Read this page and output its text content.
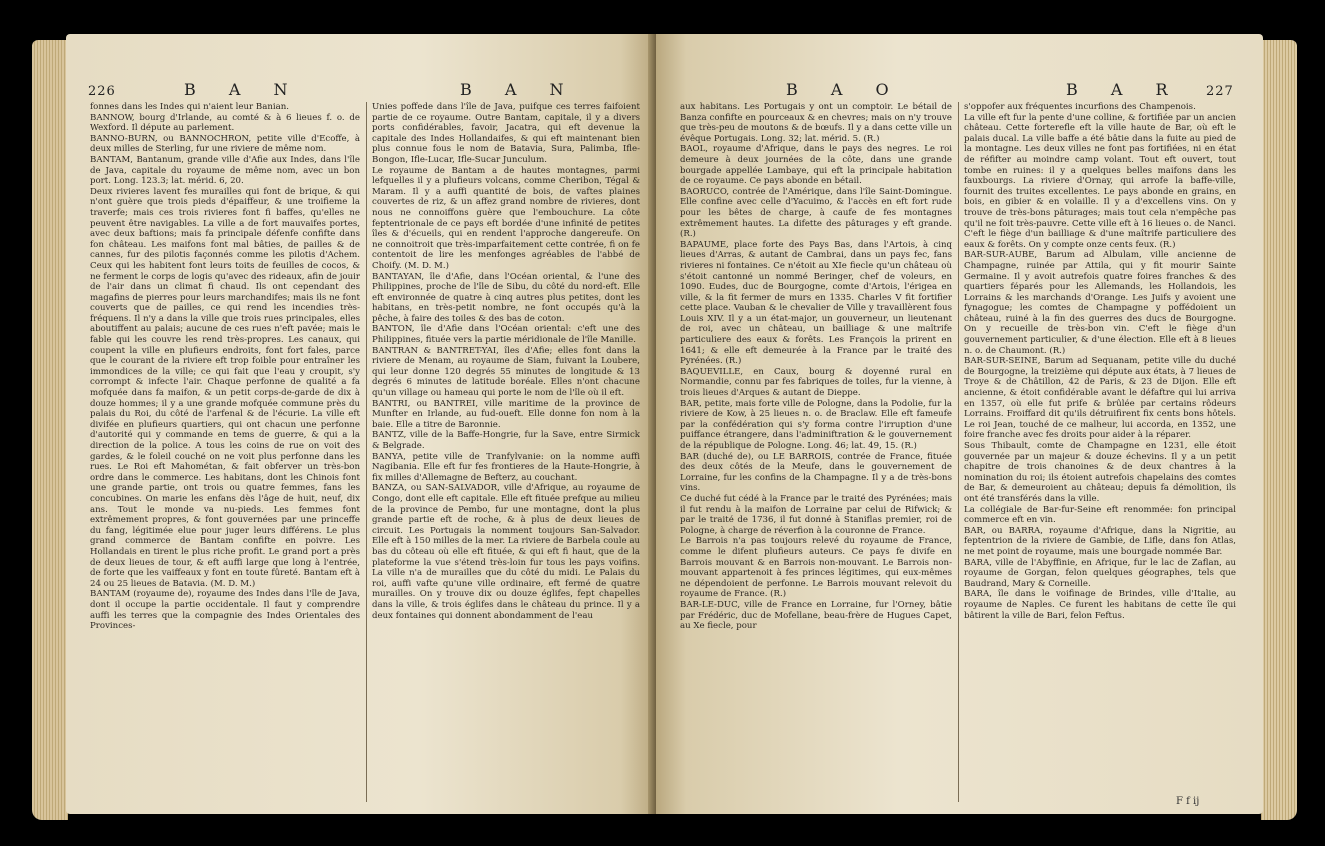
226	B A N	B A N
fonnes dans les Indes qui n'aient leur Banian.
BANNOW, bourg d'Irlande, au comté & à 6 lieues f. o. de Wexford. Il députe au parlement.
BANNO-BURN, ou BANNOCHRON, petite ville d'Ecoffe, à deux milles de Sterling, fur une riviere de même nom.
BANTAM, Bantanum, grande ville d'Afie aux Indes, dans l'île de Java, capitale du royaume de même nom, avec un bon port. Long. 123.3; lat. mérid. 6, 20.
Deux rivieres lavent fes murailles qui font de brique, & qui n'ont guère que trois pieds d'épaiffeur, & une troifieme la traverfe; mais ces trois rivieres font fi baffes, qu'elles ne peuvent être navigables. La ville a de fort mauvaifes portes, avec deux baftions; mais fa principale défenfe confifte dans fon château. Les maifons font mal bâties, de pailles & de cannes, fur des pilotis façonnés comme les pilotis d'Achem. Ceux qui les habitent font leurs toits de feuilles de cocos, & ne ferment le corps de logis qu'avec des rideaux, afin de jouir de l'air dans un climat fi chaud. Ils ont cependant des magafins de pierres pour leurs marchandifes; mais ils ne font couverts que de pailles, ce qui rend les incendies très-fréquens. Il n'y a dans la ville que trois rues principales, elles aboutiffent au palais; aucune de ces rues n'eft pavée; mais le fable qui les couvre les rend très-propres. Les canaux, qui coupent la ville en plufieurs endroits, font fort fales, parce que le courant de la riviere eft trop foible pour entraîner les immondices de la ville; ce qui fait que l'eau y croupit, s'y corrompt & infecte l'air. Chaque perfonne de qualité a fa mofquée dans fa maifon, & un petit corps-de-garde de dix à douze hommes; il y a une grande mofquée commune près du palais du Roi, du côté de l'arfenal & de l'écurie. La ville eft divifée en plufieurs quartiers, qui ont chacun une perfonne d'autorité qui y commande en tems de guerre, & qui a la direction de la police. A tous les coins de rue on voit des gardes, & le foleil couché on ne voit plus perfonne dans les rues. Le Roi eft Mahométan, & fait obferver un très-bon ordre dans le commerce. Les habitans, dont les Chinois font une grande partie, ont trois ou quatre femmes, fans les concubines. On marie les enfans dès l'âge de huit, neuf, dix ans. Tout le monde va nu-pieds. Les femmes font extrêmement propres, & font gouvernées par une princeffe du fang, légitimée elue pour juger leurs différens. Le plus grand commerce de Bantam confifte en poivre. Les Hollandais en tirent le plus riche profit. Le grand port a près de deux lieues de tour, & eft auffi large que long à l'entrée, de forte que les vaiffeaux y font en toute fûreté. Bantam eft à 24 ou 25 lieues de Batavia. (M. D. M.)
BANTAM (royaume de), royaume des Indes dans l'île de Java, dont il occupe la partie occidentale. Il faut y comprendre auffi les terres que la compagnie des Indes Orientales des Provinces-
Unies poffede dans l'île de Java, puifque ces terres faifoient partie de ce royaume. Outre Bantam, capitale, il y a divers ports confidérables, favoir, Jacatra, qui eft devenue la capitale des Indes Hollandaifes, & qui eft maintenant bien plus connue fous le nom de Batavia, Sura, Palimba, Ifle-Bongon, Ifle-Lucar, Ifle-Sucar Junculum.
Le royaume de Bantam a de hautes montagnes, parmi lefquelles il y a plufieurs volcans, comme Cheribon, Tégal & Maram. Il y a auffi quantité de bois, de vaftes plaines couvertes de riz, & un affez grand nombre de rivieres, dont nous ne connoiffons guère que l'embouchure. La côte feptentrionale de ce pays eft bordée d'une infinité de petites îles & d'écueils, qui en rendent l'approche dangereufe. On ne connoitroit que très-imparfaitement cette contrée, fi on fe contentoit de lire les menfonges agréables de l'abbé de Choify. (M. D. M.)
BANTAYAN, île d'Afie, dans l'Océan oriental, & l'une des Philippines, proche de l'île de Sibu, du côté du nord-eft. Elle eft environnée de quatre à cinq autres plus petites, dont les habitans, en très-petit nombre, ne font occupés qu'à la pêche, à faire des toiles & des bas de coton.
BANTON, île d'Afie dans l'Océan oriental: c'eft une des Philippines, fituée vers la partie méridionale de l'île Manille.
BANTRAN & BANTRET-YAI, îles d'Afie; elles font dans la riviere de Menam, au royaume de Siam, fuivant la Loubere, qui leur donne 120 degrés 55 minutes de longitude & 13 degrés 6 minutes de latitude boréale. Elles n'ont chacune qu'un village ou hameau qui porte le nom de l'île où il eft.
BANTRI, ou BANTREI, ville maritime de la province de Munfter en Irlande, au fud-oueft. Elle donne fon nom à la baie. Elle a titre de Baronnie.
BANTZ, ville de la Baffe-Hongrie, fur la Save, entre Sirmick & Belgrade.
BANYA, petite ville de Tranfylvanie: on la nomme auffi Nagibania. Elle eft fur fes frontieres de la Haute-Hongrie, à fix milles d'Allemagne de Befterz, au couchant.
BANZA, ou SAN-SALVADOR, ville d'Afrique, au royaume de Congo, dont elle eft capitale. Elle eft fituée prefque au milieu de la province de Pembo, fur une montagne, dont la plus grande partie eft de roche, & à plus de deux lieues de circuit. Les Portugais la nomment toujours San-Salvador. Elle eft à 150 milles de la mer. La riviere de Barbela coule au bas du côteau où elle eft fituée, & qui eft fi haut, que de la plateforme la vue s'étend très-loin fur tous les pays voifins. La ville n'a de murailles que du côté du midi. Le Palais du roi, auffi vafte qu'une ville ordinaire, eft fermé de quatre murailles. On y trouve dix ou douze églifes, fept chapelles dans la ville, & trois églifes dans le château du prince. Il y a deux fontaines qui donnent abondamment de l'eau
B A O	B A R 227
aux habitans. Les Portugais y ont un comptoir. Le bétail de Banza confifte en pourceaux & en chevres; mais on n'y trouve que très-peu de moutons & de bœufs. Il y a dans cette ville un évêque Portugais. Long. 32; lat. mérid. 5. (R.)
BAOL, royaume d'Afrique, dans le pays des negres. Le roi demeure à deux journées de la côte, dans une grande bourgade appellée Lambaye, qui eft la principale habitation de ce royaume. Ce pays abonde en bétail.
BAORUCO, contrée de l'Amérique, dans l'île Saint-Domingue. Elle confine avec celle d'Yacuimo, & l'accès en eft fort rude pour les bêtes de charge, à caufe de fes montagnes extrêmement hautes. La difette des pâturages y eft grande. (R.)
BAPAUME, place forte des Pays Bas, dans l'Artois, à cinq lieues d'Arras, & autant de Cambrai, dans un pays fec, fans rivieres ni fontaines. Ce n'étoit au XIe fiecle qu'un château où s'étoit cantonné un nommé Beringer, chef de voleurs, en 1090. Eudes, duc de Bourgogne, comte d'Artois, l'érigea en ville, & la fit fermer de murs en 1335. Charles V fit fortifier cette place. Vauban & le chevalier de Ville y travaillèrent fous Louis XIV. Il y a un état-major, un gouverneur, un lieutenant de roi, avec un château, un bailliage & une maîtrife particuliere des eaux & forêts. Les François la prirent en 1641; & elle eft demeurée à la France par le traité des Pyrénées. (R.)
BAQUEVILLE, en Caux, bourg & doyenné rural en Normandie, connu par fes fabriques de toiles, fur la vienne, à trois lieues d'Arques & autant de Dieppe.
BAR, petite, mais forte ville de Pologne, dans la Podolie, fur la riviere de Kow, à 25 lieues n. o. de Braclaw. Elle eft fameufe par la confédération qui s'y forma contre l'irruption d'une puiffance étrangere, dans l'adminiftration & le gouvernement de la république de Pologne. Long. 46; lat. 49, 15. (R.)
BAR (duché de), ou LE BARROIS, contrée de France, fituée des deux côtés de la Meufe, dans le gouvernement de Lorraine, fur les confins de la Champagne. Il y a de très-bons vins.
Ce duché fut cédé à la France par le traité des Pyrénées; mais il fut rendu à la maifon de Lorraine par celui de Rifwick; & par le traité de 1736, il fut donné à Staniflas premier, roi de Pologne, à charge de réverfion à la couronne de France.
Le Barrois n'a pas toujours relevé du royaume de France, comme le difent plufieurs auteurs. Ce pays fe divife en Barrois mouvant & en Barrois non-mouvant. Le Barrois non-mouvant appartenoit à fes princes légitimes, qui eux-mêmes ne dépendoient de perfonne. Le Barrois mouvant relevoit du royaume de France. (R.)
BAR-LE-DUC, ville de France en Lorraine, fur l'Orney, bâtie par Frédéric, duc de Mofellane, beau-frère de Hugues Capet, au Xe fiecle, pour
s'oppofer aux fréquentes incurfions des Champenois.
La ville eft fur la pente d'une colline, & fortifiée par un ancien château. Cette forterefle eft la ville haute de Bar, où eft le palais ducal. La ville baffe a été bâtie dans la fuite au pied de la montagne. Les deux villes ne font pas fortifiées, ni en état de réfifter au moindre camp volant. Tout eft ouvert, tout tombe en ruines: il y a quelques belles maifons dans les fauxbourgs. La riviere d'Ornay, qui arrofe la baffe-ville, fournit des truites excellentes. Le pays abonde en grains, en bois, en gibier & en volaille. Il y a d'excellens vins. On y trouve de très-bons pâturages; mais tout cela n'empêche pas qu'il ne foit très-pauvre. Cette ville eft à 16 lieues o. de Nanci. C'eft le fiège d'un bailliage & d'une maîtrife particuliere des eaux & forêts. On y compte onze cents feux. (R.)
BAR-SUR-AUBE, Barum ad Albulam, ville ancienne de Champagne, ruinée par Attila, qui y fit mourir Sainte Germaine. Il y avoit autrefois quatre foires franches & des quartiers féparés pour les Allemands, les Hollandois, les Lorrains & les marchands d'Orange. Les Juifs y avoient une fynagogue; les comtes de Champagne y poffédoient un château, ruiné à la fin des guerres des ducs de Bourgogne. On y recueille de très-bon vin. C'eft le fiège d'un gouvernement particulier, & d'une élection. Elle eft à 8 lieues n. o. de Chaumont. (R.)
BAR-SUR-SEINE, Barum ad Sequanam, petite ville du duché de Bourgogne, la treizième qui députe aux états, à 7 lieues de Troye & de Châtillon, 42 de Paris, & 23 de Dijon. Elle eft ancienne, & étoit confidérable avant le défaftre qui lui arriva en 1357, où elle fut prife & brûlée par certains rôdeurs Lorrains. Froiffard dit qu'ils détruifirent fix cents bons hôtels. Le roi Jean, touché de ce malheur, lui accorda, en 1352, une foire franche avec fes droits pour aider à la réparer.
Sous Thibault, comte de Champagne en 1231, elle étoit gouvernée par un majeur & douze échevins. Il y a un petit chapitre de trois chanoines & de deux chantres à la nomination du roi; ils étoient autrefois chapelains des comtes de Bar, & demeuroient au château; depuis fa démolition, ils ont été transférés dans la ville.
La collégiale de Bar-fur-Seine eft renommée: fon principal commerce eft en vin.
BAR, ou BARRA, royaume d'Afrique, dans la Nigritie, au feptentrion de la riviere de Gambie, de Lifle, dans fon Atlas, ne met point de royaume, mais une bourgade nommée Bar.
BARA, ville de l'Abyffinie, en Afrique, fur le lac de Zaflan, au royaume de Gorgan, felon quelques géographes, tels que Baudrand, Mary & Corneille.
BARA, île dans le voifinage de Brindes, ville d'Italie, au royaume de Naples. Ce furent les habitans de cette île qui bâtirent la ville de Bari, felon Feftus.
F f ij
